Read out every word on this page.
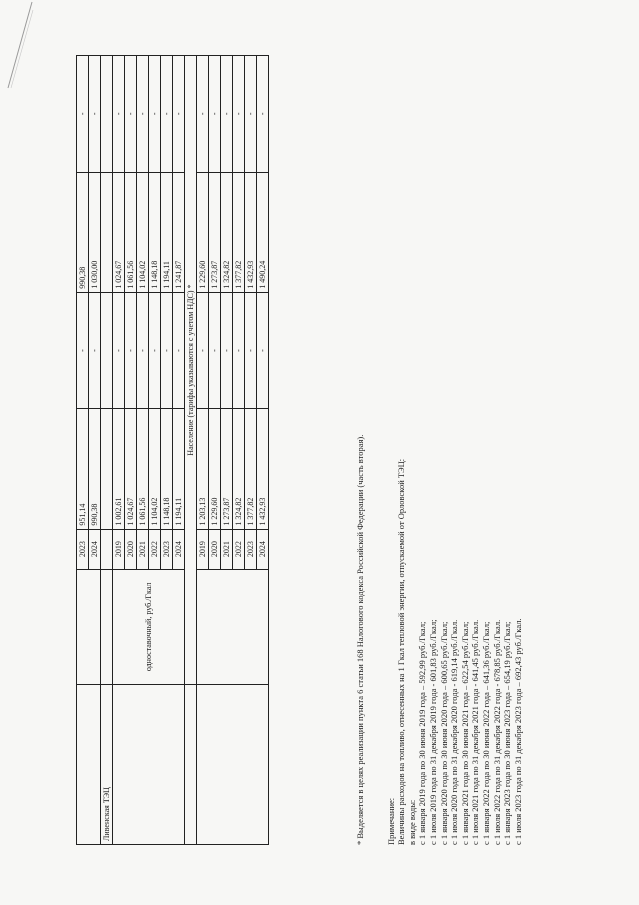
		2023	951,14	-	990,38	-
		2024	990,38	-	1 030,00	-
Ливенская ТЭЦ						
	одноставочный, руб./Гкал	2019	1 002,61	-	1 024,67	-
		2020	1 024,67	-	1 061,56	-
		2021	1 061,56	-	1 104,02	-
		2022	1 104,02	-	1 148,18	-
		2023	1 148,18	-	1 194,11	-
		2024	1 194,11	-	1 241,87	-
	Население (тарифы указываются с учетом НДС) *					
		2019	1 203,13	-	1 229,60	-
		2020	1 229,60	-	1 273,87	-
		2021	1 273,87	-	1 324,82	-
		2022	1 324,82	-	1 377,82	-
		2023	1 377,82	-	1 432,93	-
		2024	1 432,93	-	1 490,24	-

* Выделяется в целях реализации пункта 6 статьи 168 Налогового кодекса Российской Федерации (часть вторая). Примечание: Величины расходов на топливо, отнесенных на 1 Гкал тепловой энергии, отпускаемой от Орловской ТЭЦ: в виде воды: с 1 января 2019 года по 30 июня 2019 года – 592,99 руб./Гкал; с 1 июля 2019 года по 31 декабря 2019 года - 601,83 руб./Гкал; с 1 января 2020 года по 30 июня 2020 года – 600,65 руб./Гкал; с 1 июля 2020 года по 31 декабря 2020 года - 619,14 руб./Гкал. с 1 января 2021 года по 30 июня 2021 года – 622,54 руб./Гкал; с 1 июля 2021 года по 31 декабря 2021 года - 641,45 руб./Гкал. с 1 января 2022 года по 30 июня 2022 года – 641,36 руб./Гкал; с 1 июля 2022 года по 31 декабря 2022 года - 678,85 руб./Гкал. с 1 января 2023 года по 30 июня 2023 года – 654,19 руб./Гкал; с 1 июля 2023 года по 31 декабря 2023 года – 692,43 руб./Гкал.
